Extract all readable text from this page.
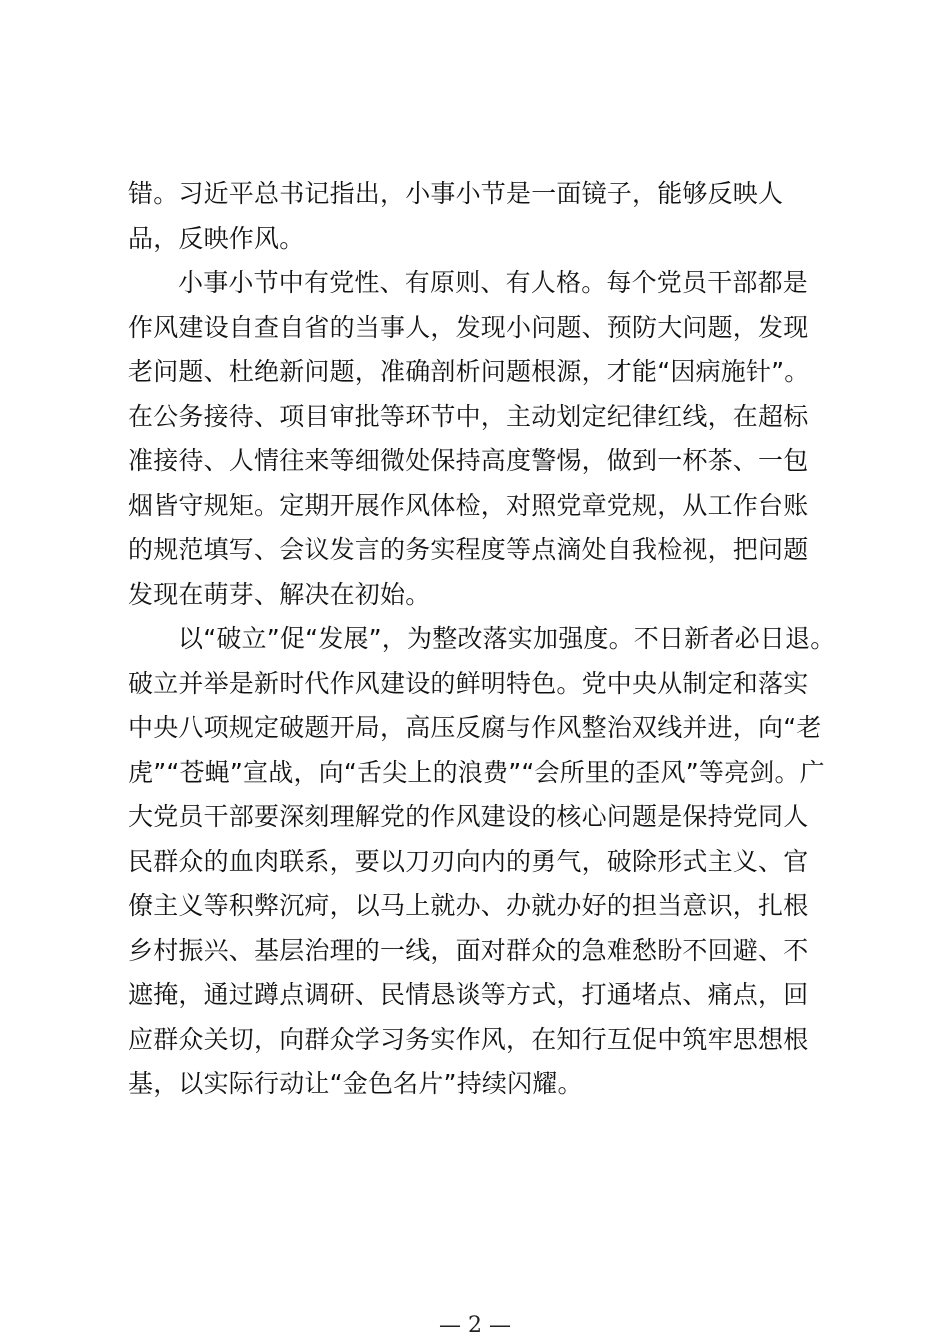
错。习近平总书记指出，小事小节是一面镜子，能够反映人
品，反映作风。
小事小节中有党性、有原则、有人格。每个党员干部都是
作风建设自查自省的当事人，发现小问题、预防大问题，发现
老问题、杜绝新问题，准确剖析问题根源，才能“因病施针”。
在公务接待、项目审批等环节中，主动划定纪律红线，在超标
准接待、人情往来等细微处保持高度警惕，做到一杯茶、一包
烟皆守规矩。定期开展作风体检，对照党章党规，从工作台账
的规范填写、会议发言的务实程度等点滴处自我检视，把问题
发现在萌芽、解决在初始。
以“破立”促“发展”，为整改落实加强度。不日新者必日退。
破立并举是新时代作风建设的鲜明特色。党中央从制定和落实
中央八项规定破题开局，高压反腐与作风整治双线并进，向“老
虎”“苍蝇”宣战，向“舌尖上的浪费”“会所里的歪风”等亮剑。广
大党员干部要深刻理解党的作风建设的核心问题是保持党同人
民群众的血肉联系，要以刀刃向内的勇气，破除形式主义、官
僚主义等积弊沉疴，以马上就办、办就办好的担当意识，扎根
乡村振兴、基层治理的一线，面对群众的急难愁盼不回避、不
遮掩，通过蹲点调研、民情恳谈等方式，打通堵点、痛点，回
应群众关切，向群众学习务实作风，在知行互促中筑牢思想根
基，以实际行动让“金色名片”持续闪耀。
— 2 —
